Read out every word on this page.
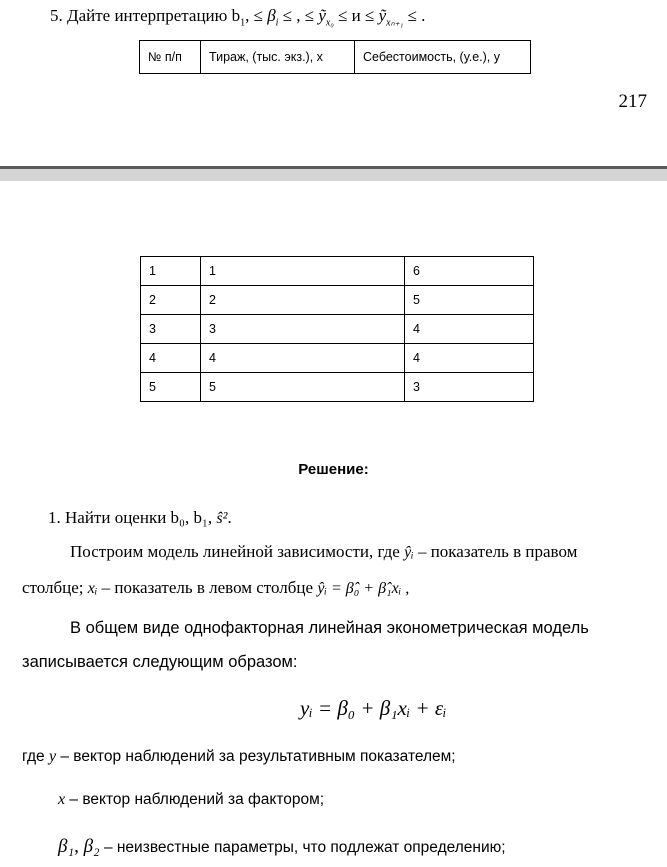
5. Дайте интерпретацию $b_1$, ≤ $\beta_i$ ≤ , ≤ ỹ$_{x_0}$ ≤ и ≤ ỹ$_{x_{n+1}}$ ≤ .
№ п/п	Тираж, (тыс. экз.), x	Себестоимость, (у.е.), y
217
1	1	6
2	2	5
3	3	4
4	4	4
5	5	3
Решение:
1. Найти оценки b₀, b₁, ŝ².
Построим модель линейной зависимости, где ŷᵢ – показатель в правом
столбце; xᵢ – показатель в левом столбце ŷᵢ = β̂₀ + β̂₁xᵢ ,
В общем виде однофакторная линейная эконометрическая модель
записывается следующим образом:
yᵢ = β₀ + β₁xᵢ + εᵢ
где y – вектор наблюдений за результативным показателем;
x – вектор наблюдений за фактором;
β₁, β₂ – неизвестные параметры, что подлежат определению;
